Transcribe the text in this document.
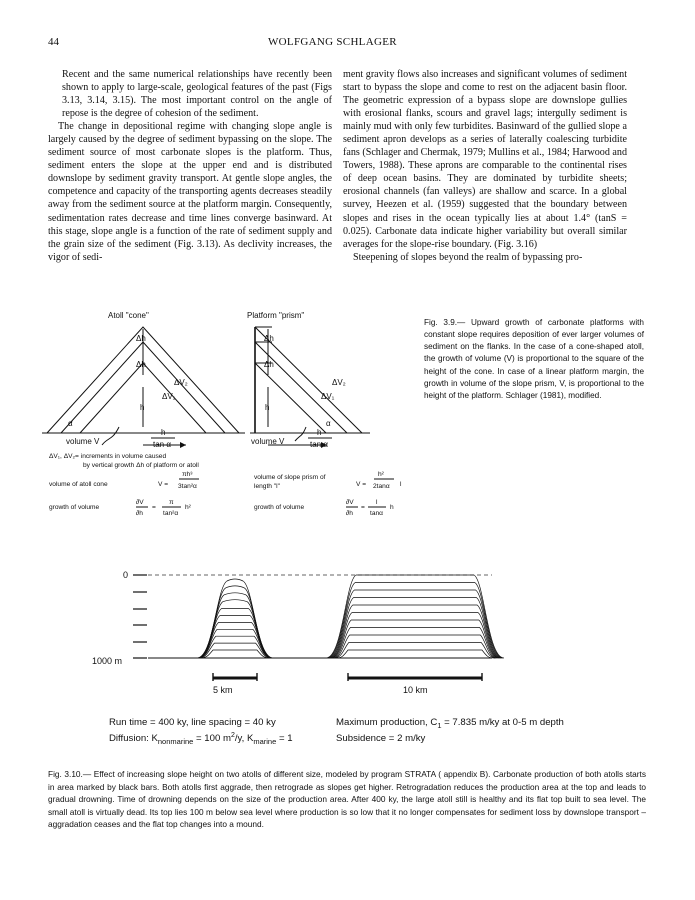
44	WOLFGANG SCHLAGER

Recent and the same numerical relationships have recently been shown to apply to large-scale, geological features of the past (Figs 3.13, 3.14, 3.15). The most important control on the angle of repose is the degree of cohesion of the sediment.

The change in depositional regime with changing slope angle is largely caused by the degree of sediment bypassing on the slope. The sediment source of most carbonate slopes is the platform. Thus, sediment enters the slope at the upper end and is distributed downslope by sediment gravity transport. At gentle slope angles, the competence and capacity of the transporting agents decreases steadily away from the sediment source at the platform margin. Consequently, sedimentation rates decrease and time lines converge basinward. At this stage, slope angle is a function of the rate of sediment supply and the grain size of the sediment (Fig. 3.13). As declivity increases, the vigor of sedi-

ment gravity flows also increases and significant volumes of sediment start to bypass the slope and come to rest on the adjacent basin floor. The geometric expression of a bypass slope are downslope gullies with erosional flanks, scours and gravel lags; intergully sediment is mainly mud with only few turbidites. Basinward of the gullied slope a sediment apron develops as a series of laterally coalescing turbidite fans (Schlager and Chermak, 1979; Mullins et al., 1984; Harwood and Towers, 1988). These aprons are comparable to the continental rises of deep ocean basins. They are dominated by turbidite sheets; erosional channels (fan valleys) are shallow and scarce. In a global survey, Heezen et al. (1959) suggested that the boundary between slopes and rises in the ocean typically lies at about 1.4° (tanS = 0.025). Carbonate data indicate higher variability but overall similar averages for the slope-rise boundary. (Fig. 3.16)

Steepening of slopes beyond the realm of bypassing pro-

Atoll "cone"	Platform "prism"
Δh
Δh
h
ΔV₂
ΔV₁
α
Δh
Δh
h
ΔV₂
ΔV₁
α
volume V
h
tan α	volume V
h
tan α
ΔV₁, ΔV₂= increments in volume caused
by vertical growth Δh of platform or atoll
volume of atoll cone	V =
πh³
3tan²α
growth of volume
∂V
∂h
=
π
tan²α
h²
volume of slope prism of
length "l"	V =
h²
2tanα l
growth of volume
∂V
∂h
=
l
tanα
h
Fig. 3.9.— Upward growth of carbonate platforms with constant slope requires deposition of ever larger volumes of sediment on the flanks. In the case of a cone-shaped atoll, the growth of volume (V) is proportional to the square of the height of the cone. In case of a linear platform margin, the growth in volume of the slope prism, V, is proportional to the height of the platform. Schlager (1981), modified.
0
1000 m
5 km	10 km
Run time = 400 ky, line spacing = 40 ky
Diffusion: $K_{nonmarine} = 100$ $m^2/y$, $K_{marine} = 1$
Maximum production, $C_1 = 7.835$ m/ky at 0-5 m depth
Subsidence = 2 m/ky
Fig. 3.10.— Effect of increasing slope height on two atolls of different size, modeled by program STRATA ( appendix B). Carbonate production of both atolls starts in area marked by black bars. Both atolls first aggrade, then retrograde as slopes get higher. Retrogradation reduces the production area at the top and leads to gradual drowning. Time of drowning depends on the size of the production area. After 400 ky, the large atoll still is healthy and its flat top built to sea level. The small atoll is virtually dead. Its top lies 100 m below sea level where production is so low that it no longer compensates for sediment loss by downslope transport – aggradation ceases and the flat top changes into a mound.
